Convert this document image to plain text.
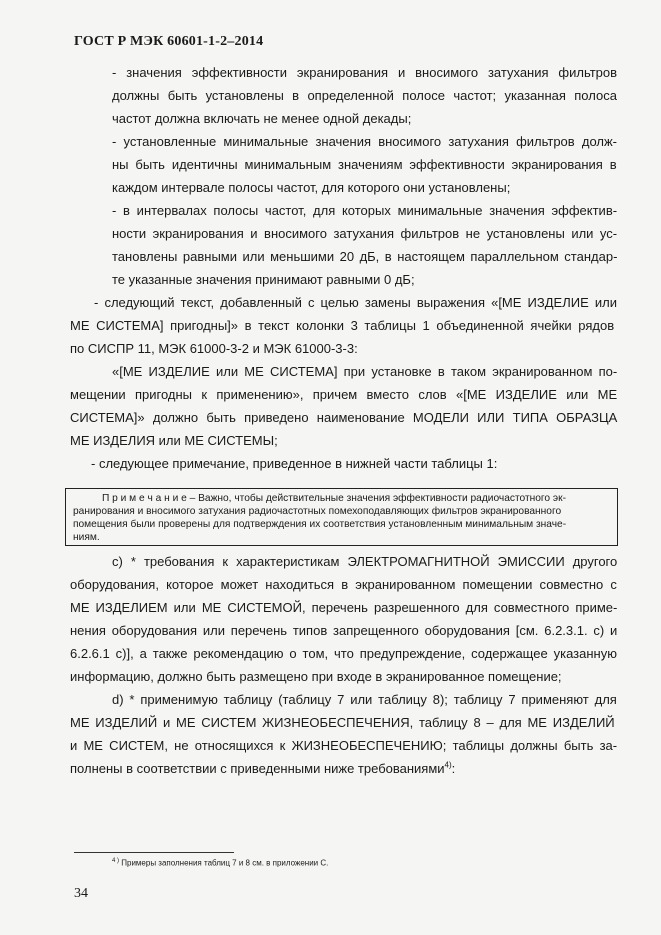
ГОСТ Р МЭК 60601-1-2–2014
- значения эффективности экранирования и вносимого затухания фильтров
должны быть установлены в определенной полосе частот; указанная полоса
частот должна включать не менее одной декады;
- установленные минимальные значения вносимого затухания фильтров долж-
ны быть идентичны минимальным значениям эффективности экранирования в
каждом интервале полосы частот, для которого они установлены;
- в интервалах полосы частот, для которых минимальные значения эффектив-
ности экранирования и вносимого затухания фильтров не установлены или ус-
тановлены равными или меньшими 20 дБ, в настоящем параллельном стандар-
те указанные значения принимают равными 0 дБ;
- следующий текст, добавленный с целью замены выражения «[МЕ ИЗДЕЛИЕ или
МЕ СИСТЕМА] пригодны]» в текст колонки 3 таблицы 1 объединенной ячейки рядов
по СИСПР 11, МЭК 61000-3-2 и МЭК 61000-3-3:
«[МЕ ИЗДЕЛИЕ или МЕ СИСТЕМА] при установке в таком экранированном по-
мещении пригодны к применению», причем вместо слов «[МЕ ИЗДЕЛИЕ или МЕ
СИСТЕМА]» должно быть приведено наименование МОДЕЛИ ИЛИ ТИПА ОБРАЗЦА
МЕ ИЗДЕЛИЯ или МЕ СИСТЕМЫ;
- следующее примечание, приведенное в нижней части таблицы 1:
П р и м е ч а н и е – Важно, чтобы действительные значения эффективности радиочастотного эк-
ранирования и вносимого затухания радиочастотных помехоподавляющих фильтров экранированного
помещения были проверены для подтверждения их соответствия установленным минимальным значе-
ниям.
с) * требования к характеристикам ЭЛЕКТРОМАГНИТНОЙ ЭМИССИИ другого
оборудования, которое может находиться в экранированном помещении совместно с
МЕ ИЗДЕЛИЕМ или МЕ СИСТЕМОЙ, перечень разрешенного для совместного приме-
нения оборудования или перечень типов запрещенного оборудования [см. 6.2.3.1. с) и
6.2.6.1 с)], а также рекомендацию о том, что предупреждение, содержащее указанную
информацию, должно быть размещено при входе в экранированное помещение;
d) * применимую таблицу (таблицу 7 или таблицу 8); таблицу 7 применяют для
МЕ ИЗДЕЛИЙ и МЕ СИСТЕМ ЖИЗНЕОБЕСПЕЧЕНИЯ, таблицу 8 – для МЕ ИЗДЕЛИЙ
и МЕ СИСТЕМ, не относящихся к ЖИЗНЕОБЕСПЕЧЕНИЮ; таблицы должны быть за-
полнены в соответствии с приведенными ниже требованиями$^{4)}$:
$^{4 )}$ Примеры заполнения таблиц 7 и 8 см. в приложении С.
34
